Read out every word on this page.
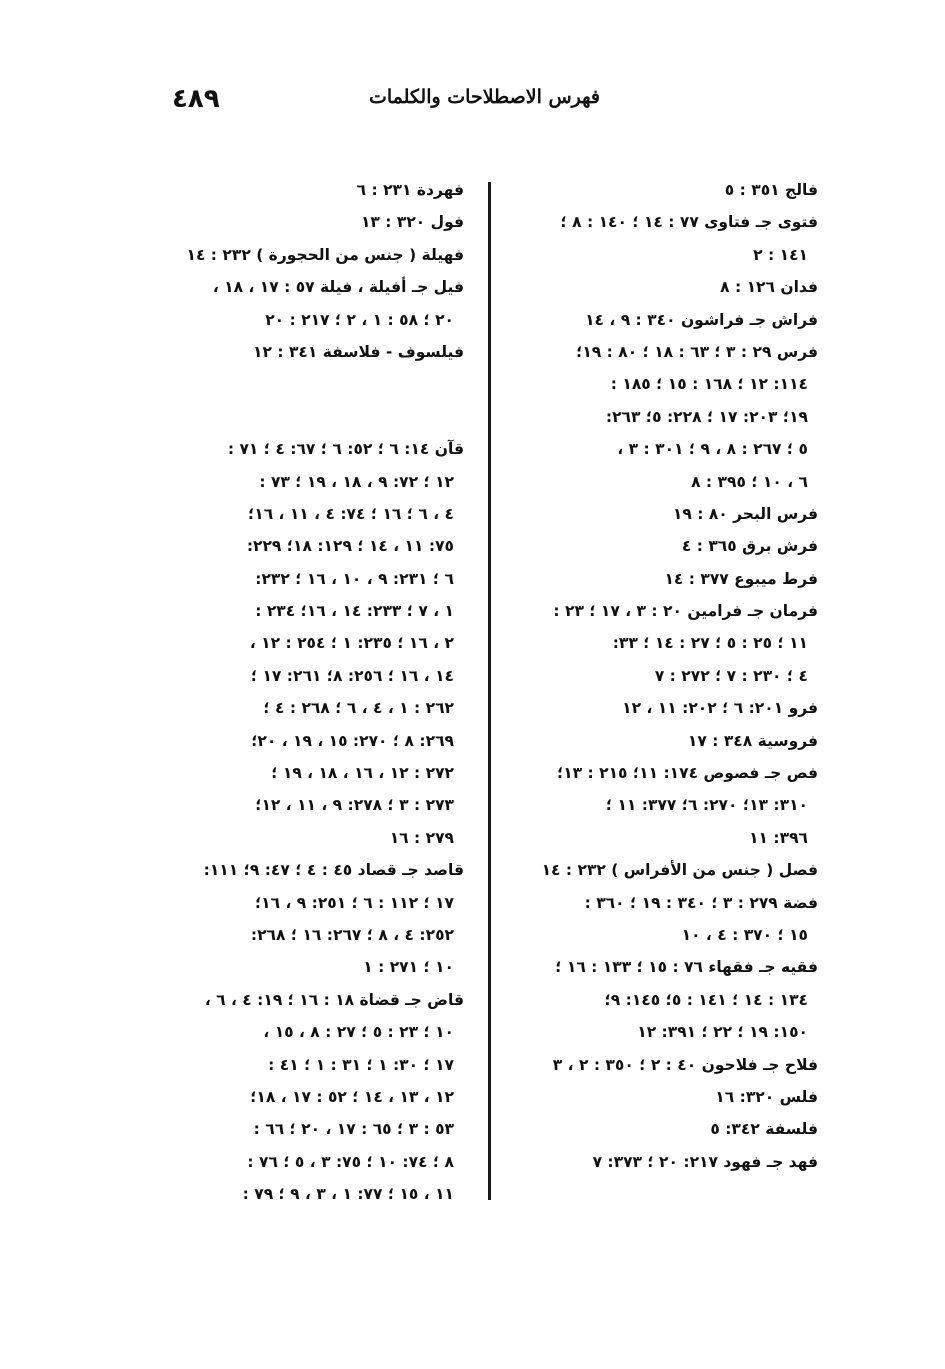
٤٨٩	فهرس الاصطلاحات والكلمات
فالج ٣٥١ : ٥
فتوى جـ فتاوى ٧٧ : ١٤ ؛ ١٤٠ : ٨ ؛
١٤١ : ٢
فدان ١٢٦ : ٨
فراش جـ فراشون ٣٤٠ : ٩ ، ١٤
فرس ٢٩ : ٣ ؛ ٦٣ : ١٨ ؛ ٨٠ : ١٩؛
١١٤: ١٢ ؛ ١٦٨ : ١٥ ؛ ١٨٥ :
١٩؛ ٢٠٣: ١٧ ؛ ٢٢٨: ٥؛ ٢٦٣:
٥ ؛ ٢٦٧ : ٨ ، ٩ ؛ ٣٠١ : ٣ ،
٦ ، ١٠ ؛ ٣٩٥ : ٨
فرس البحر ٨٠ : ١٩
فرش برق ٣٦٥ : ٤
فرط ميبوع ٣٧٧ : ١٤
فرمان جـ فرامين ٢٠ : ٣ ، ١٧ ؛ ٢٣ :
١١ ؛ ٢٥ : ٥ ؛ ٢٧ : ١٤ ؛ ٣٣:
٤ ؛ ٢٣٠ : ٧ ؛ ٢٧٢ : ٧
فرو ٢٠١: ٦ ؛ ٢٠٢: ١١ ، ١٢
فروسية ٣٤٨ : ١٧
فص جـ فصوص ١٧٤: ١١؛ ٢١٥ : ١٣؛
٣١٠: ١٣؛ ٢٧٠: ٦؛ ٣٧٧: ١١ ؛
٣٩٦: ١١
فصل ( جنس من الأفراس ) ٢٣٢ : ١٤
فضة ٢٧٩ : ٣ ؛ ٣٤٠ : ١٩ ؛ ٣٦٠ :
١٥ ؛ ٣٧٠ : ٤ ، ١٠
فقيه جـ فقهاء ٧٦ : ١٥ ؛ ١٣٣ : ١٦ ؛
١٣٤ : ١٤ ؛ ١٤١ : ٥؛ ١٤٥: ٩؛
١٥٠: ١٩ ؛ ٢٢ ؛ ٣٩١: ١٢
فلاح جـ فلاحون ٤٠ : ٢ ؛ ٣٥٠ : ٢ ، ٣
فلس ٣٢٠: ١٦
فلسفة ٣٤٢: ٥
فهد جـ فهود ٢١٧: ٢٠ ؛ ٣٧٣: ٧
فهردة ٢٣١ : ٦
فول ٣٢٠ : ١٣
فهيلة ( جنس من الحجورة ) ٢٣٢ : ١٤
فيل جـ أفيلة ، فيلة ٥٧ : ١٧ ، ١٨ ،
٢٠ ؛ ٥٨ : ١ ، ٢ ؛ ٢١٧ : ٢٠
فيلسوف - فلاسفة ٣٤١ : ١٢
قآن ١٤: ٦ ؛ ٥٢: ٦ ؛ ٦٧: ٤ ؛ ٧١ :
١٢ ؛ ٧٢: ٩ ، ١٨ ، ١٩ ؛ ٧٣ :
٤ ، ٦ ؛ ١٦ ؛ ٧٤: ٤ ، ١١ ، ١٦؛
٧٥: ١١ ، ١٤ ؛ ١٢٩: ١٨؛ ٢٢٩:
٦ ؛ ٢٣١: ٩ ، ١٠ ، ١٦ ؛ ٢٣٢:
١ ، ٧ ؛ ٢٣٣: ١٤ ، ١٦؛ ٢٣٤ :
٢ ، ١٦ ؛ ٢٣٥: ١ ؛ ٢٥٤ : ١٢ ،
١٤ ، ١٦ ؛ ٢٥٦: ٨؛ ٢٦١: ١٧ ؛
٢٦٢ : ١ ، ٤ ، ٦ ؛ ٢٦٨ : ٤ ؛
٢٦٩: ٨ ؛ ٢٧٠: ١٥ ، ١٩ ، ٢٠؛
٢٧٢ : ١٢ ، ١٦ ، ١٨ ، ١٩ ؛
٢٧٣ : ٣ ؛ ٢٧٨: ٩ ، ١١ ، ١٢؛
٢٧٩ : ١٦
قاصد جـ قصاد ٤٥ : ٤ ؛ ٤٧: ٩؛ ١١١:
١٧ ؛ ١١٢ : ٦ ؛ ٢٥١: ٩ ، ١٦؛
٢٥٢: ٤ ، ٨ ؛ ٢٦٧: ١٦ ؛ ٢٦٨:
١٠ ؛ ٢٧١ : ١
قاض جـ قضاة ١٨ : ١٦ ؛ ١٩: ٤ ، ٦ ،
١٠ ؛ ٢٣ : ٥ ؛ ٢٧ : ٨ ، ١٥ ،
١٧ ؛ ٣٠: ١ ؛ ٣١ : ١ ؛ ٤١ :
١٢ ، ١٣ ، ١٤ ؛ ٥٢ : ١٧ ، ١٨؛
٥٣ : ٣ ؛ ٦٥ : ١٧ ، ٢٠ ؛ ٦٦ :
٨ ؛ ٧٤: ١٠ ؛ ٧٥: ٣ ، ٥ ؛ ٧٦ :
١١ ، ١٥ ؛ ٧٧: ١ ، ٣ ، ٩ ؛ ٧٩ :
